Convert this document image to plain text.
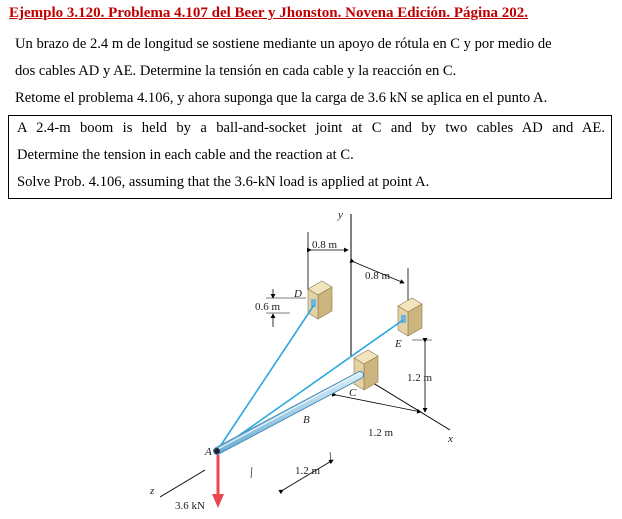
Ejemplo 3.120. Problema 4.107 del Beer y Jhonston. Novena Edición. Página 202.
Un brazo de 2.4 m de longitud se sostiene mediante un apoyo de rótula en C y por medio de
dos cables AD y AE. Determine la tensión en cada cable y la reacción en C.
Retome el problema 4.106, y ahora suponga que la carga de 3.6 kN se aplica en el punto A.
A 2.4-m boom is held by a ball-and-socket joint at C and by two cables AD and AE.
Determine the tension in each cable and the reaction at C.
Solve Prob. 4.106, assuming that the 3.6-kN load is applied at point A.
y
x
z
A
B
C
D
E
0.8 m
0.8 m
0.6 m
1.2 m
1.2 m
1.2 m
3.6 kN
